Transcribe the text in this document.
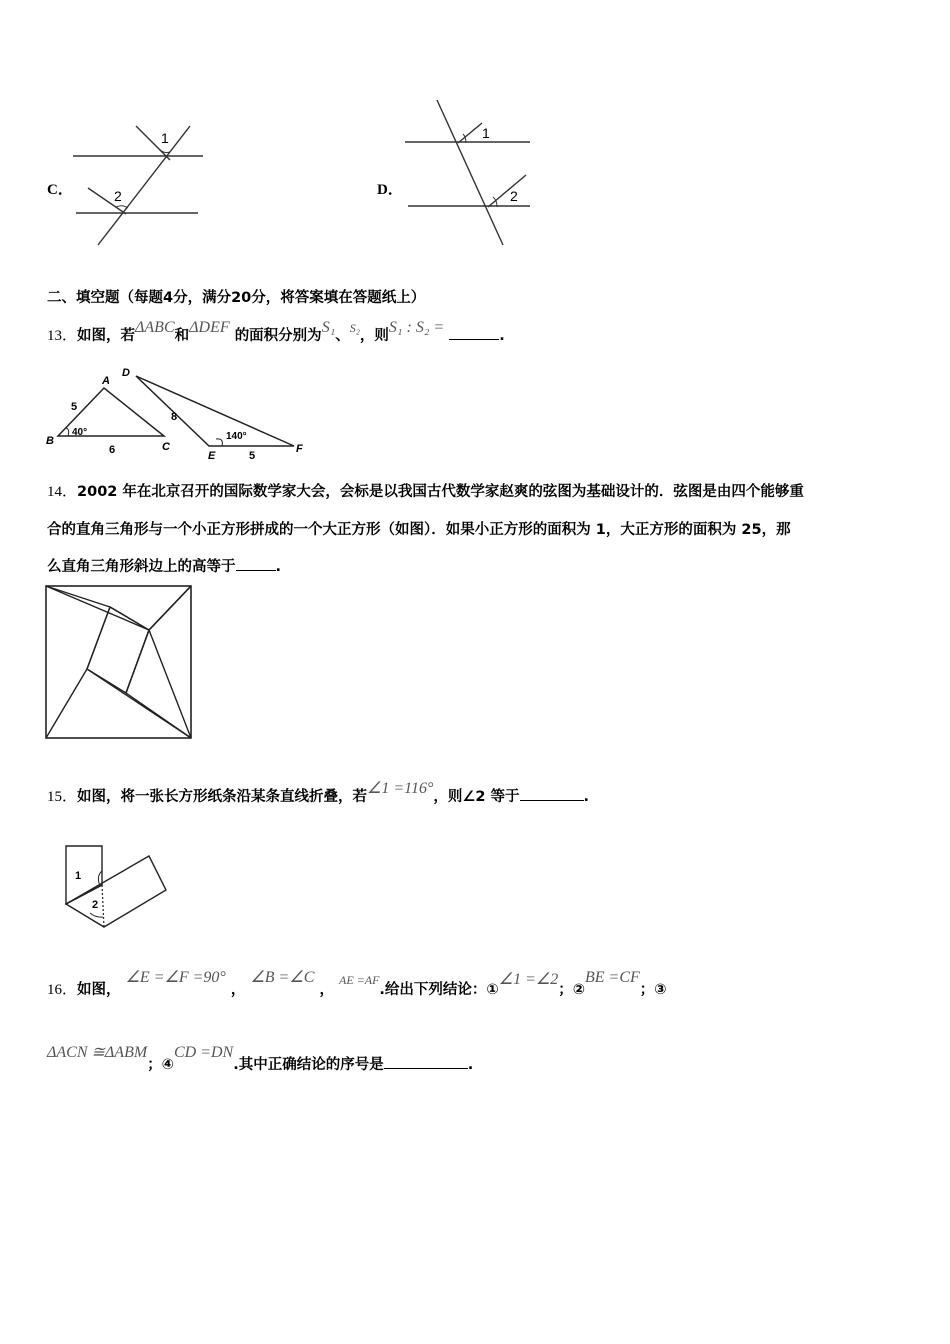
C．
1
2	D．
1
2
二、填空题（每题4分，满分20分，将答案填在答题纸上）
13．如图，若ΔABC和ΔDEF 的面积分别为S₁、$^{S_2}$，则S₁ : S₂ =	.
A
B	C
D
E
F
5
6
8
5
40°	140°
14．2002 年在北京召开的国际数学家大会，会标是以我国古代数学家赵爽的弦图为基础设计的．弦图是由四个能够重
合的直角三角形与一个小正方形拼成的一个大正方形（如图）．如果小正方形的面积为 1，大正方形的面积为 25，那
么直角三角形斜边上的高等于	.
15．如图，将一张长方形纸条沿某条直线折叠，若∠1 =116°，则∠2 等于	.
1
2
16．如图， ∠E =∠F =90° ， ∠B =∠C ， $^{AE =AF}$.给出下列结论：①∠1 =∠2；②BE =CF；③
ΔACN ≅ΔABM；④CD =DN.其中正确结论的序号是	.
